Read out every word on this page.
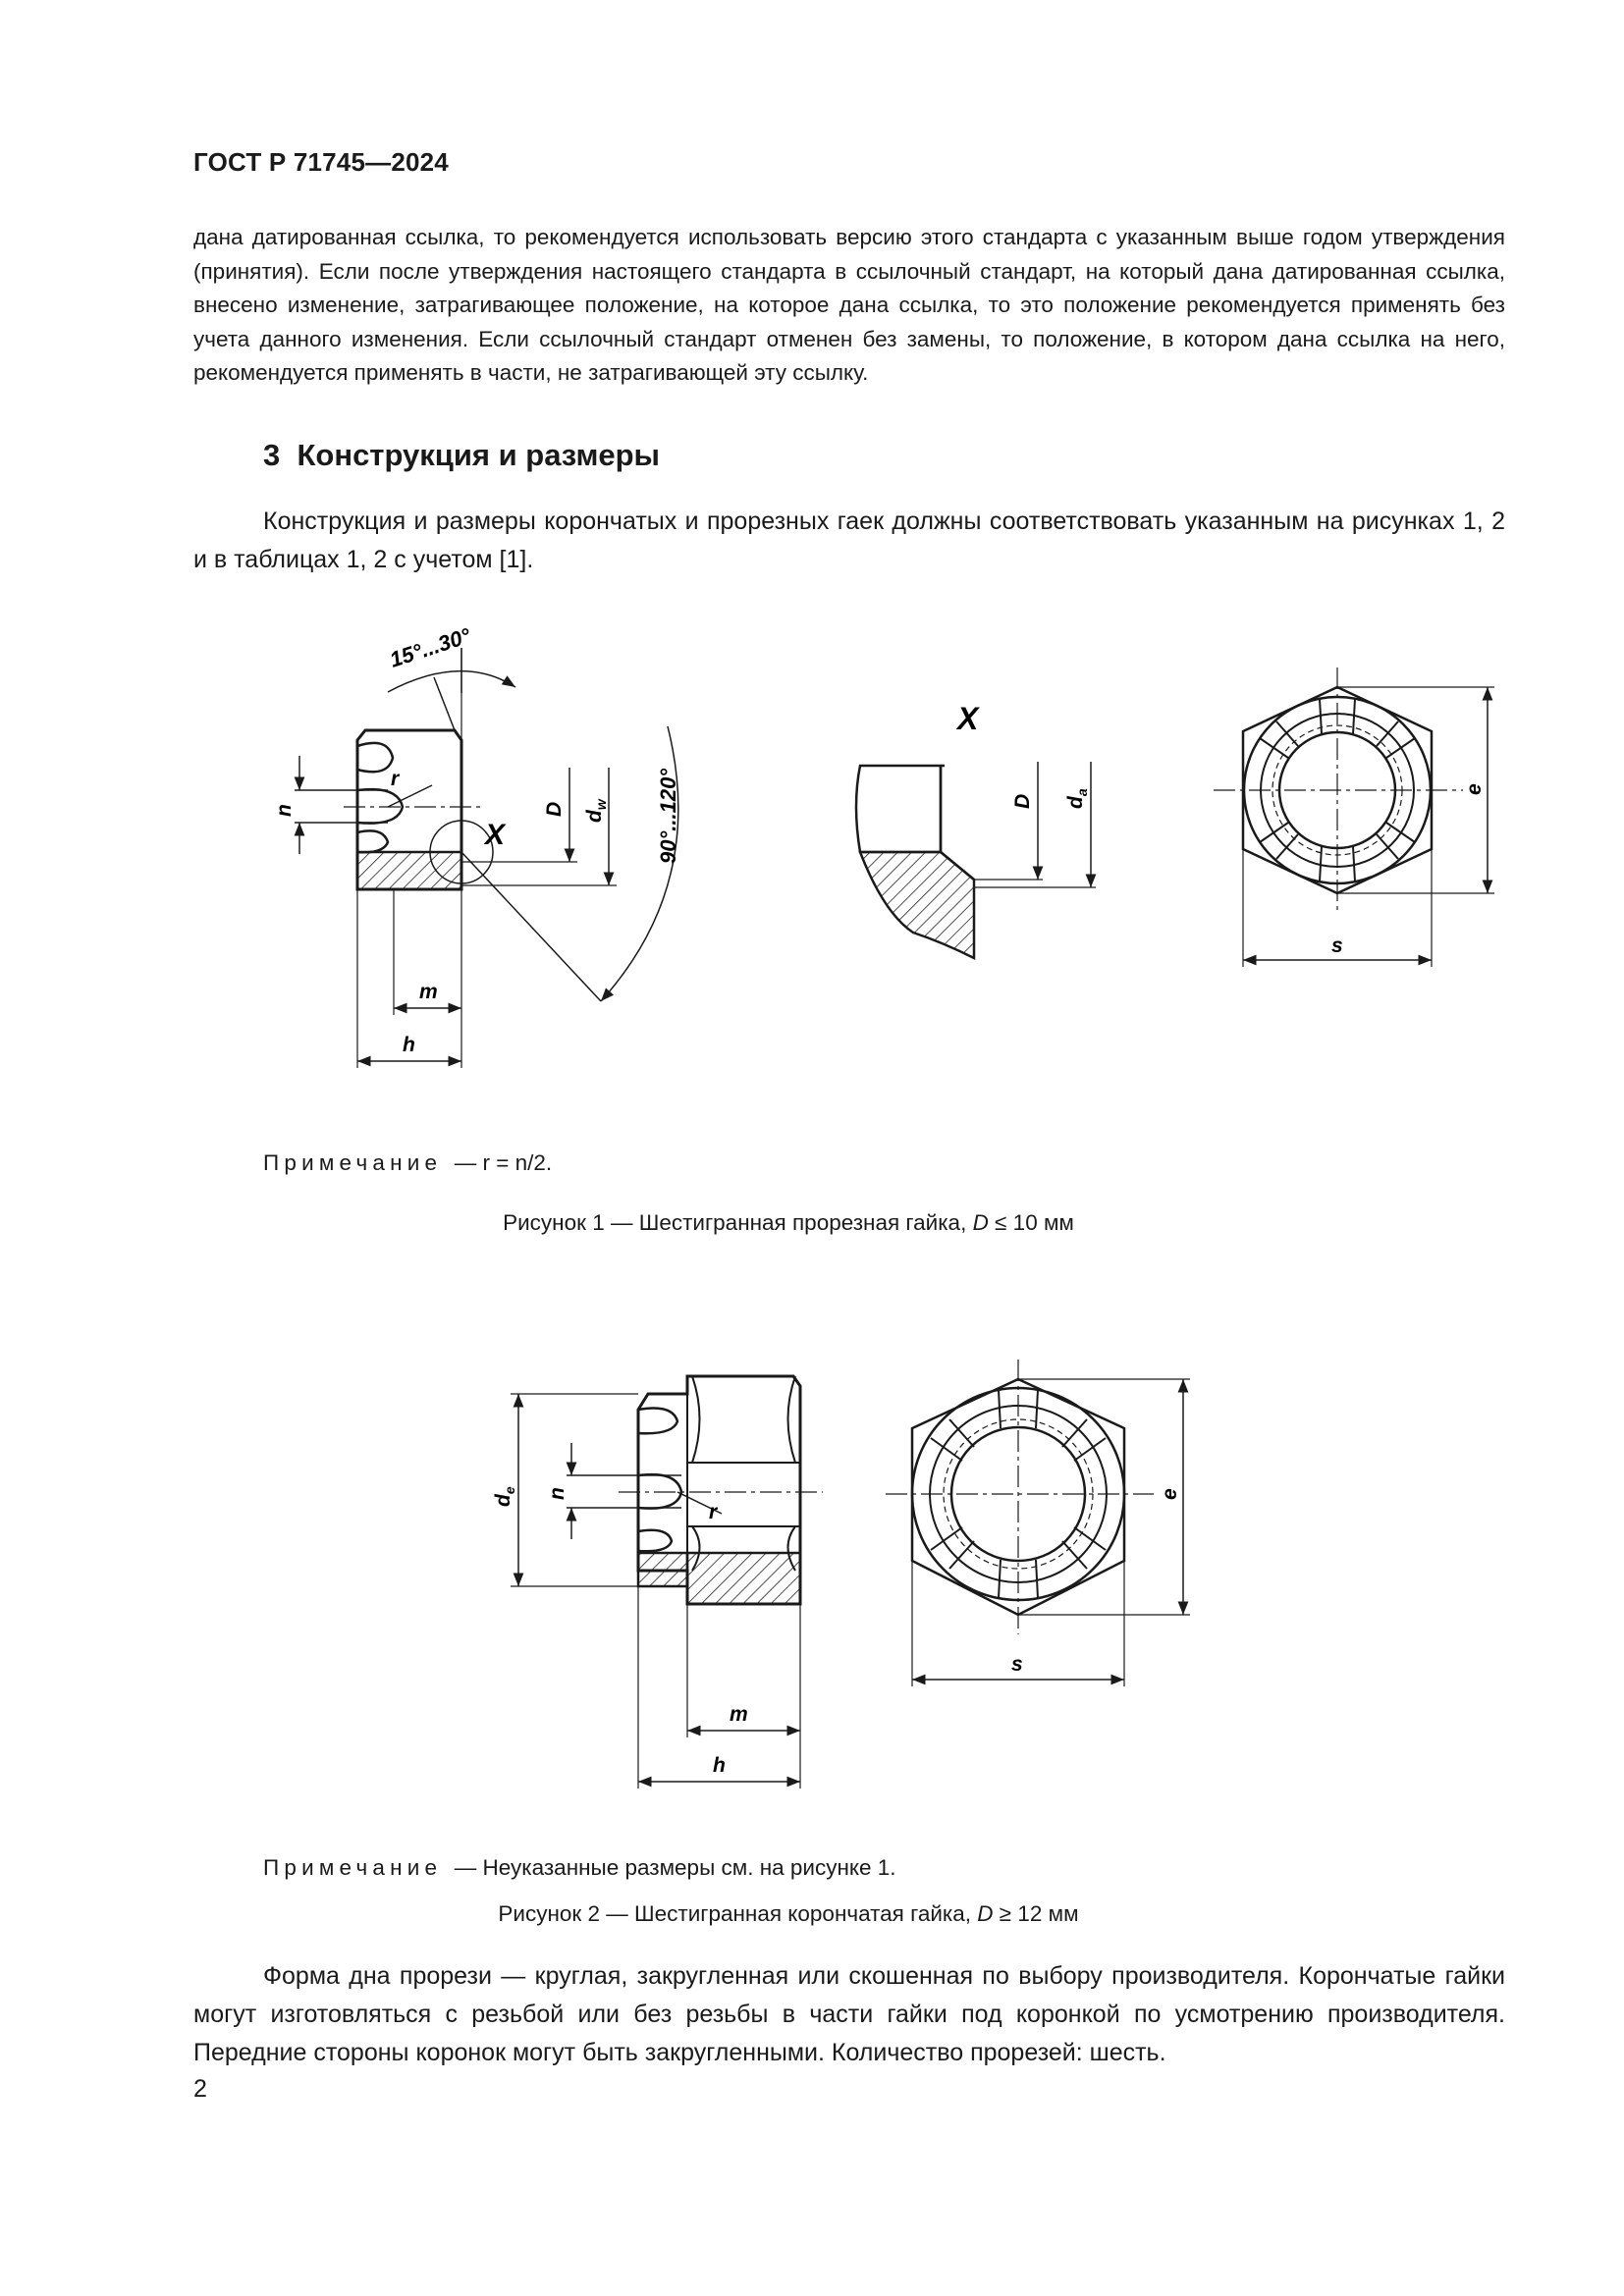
ГОСТ Р 71745—2024
дана датированная ссылка, то рекомендуется использовать версию этого стандарта с указанным выше годом утверждения (принятия). Если после утверждения настоящего стандарта в ссылочный стандарт, на который дана датированная ссылка, внесено изменение, затрагивающее положение, на которое дана ссылка, то это положение рекомендуется применять без учета данного изменения. Если ссылочный стандарт отменен без замены, то положение, в котором дана ссылка на него, рекомендуется применять в части, не затрагивающей эту ссылку.
3 Конструкция и размеры
Конструкция и размеры корончатых и прорезных гаек должны соответствовать указанным на рисунках 1, 2 и в таблицах 1, 2 с учетом [1].
n
r
m
h
D $d_w$
X
15°...30°
90°...120°
X
D $d_a$	e
s
Примечание — r = n/2.
Рисунок 1 — Шестигранная прорезная гайка, D ≤ 10 мм
$d_e$ n
r
m
h
e
s
Примечание — Неуказанные размеры см. на рисунке 1.
Рисунок 2 — Шестигранная корончатая гайка, D ≥ 12 мм
Форма дна прорези — круглая, закругленная или скошенная по выбору производителя. Корончатые гайки могут изготовляться с резьбой или без резьбы в части гайки под коронкой по усмотрению производителя. Передние стороны коронок могут быть закругленными. Количество прорезей: шесть.
2
